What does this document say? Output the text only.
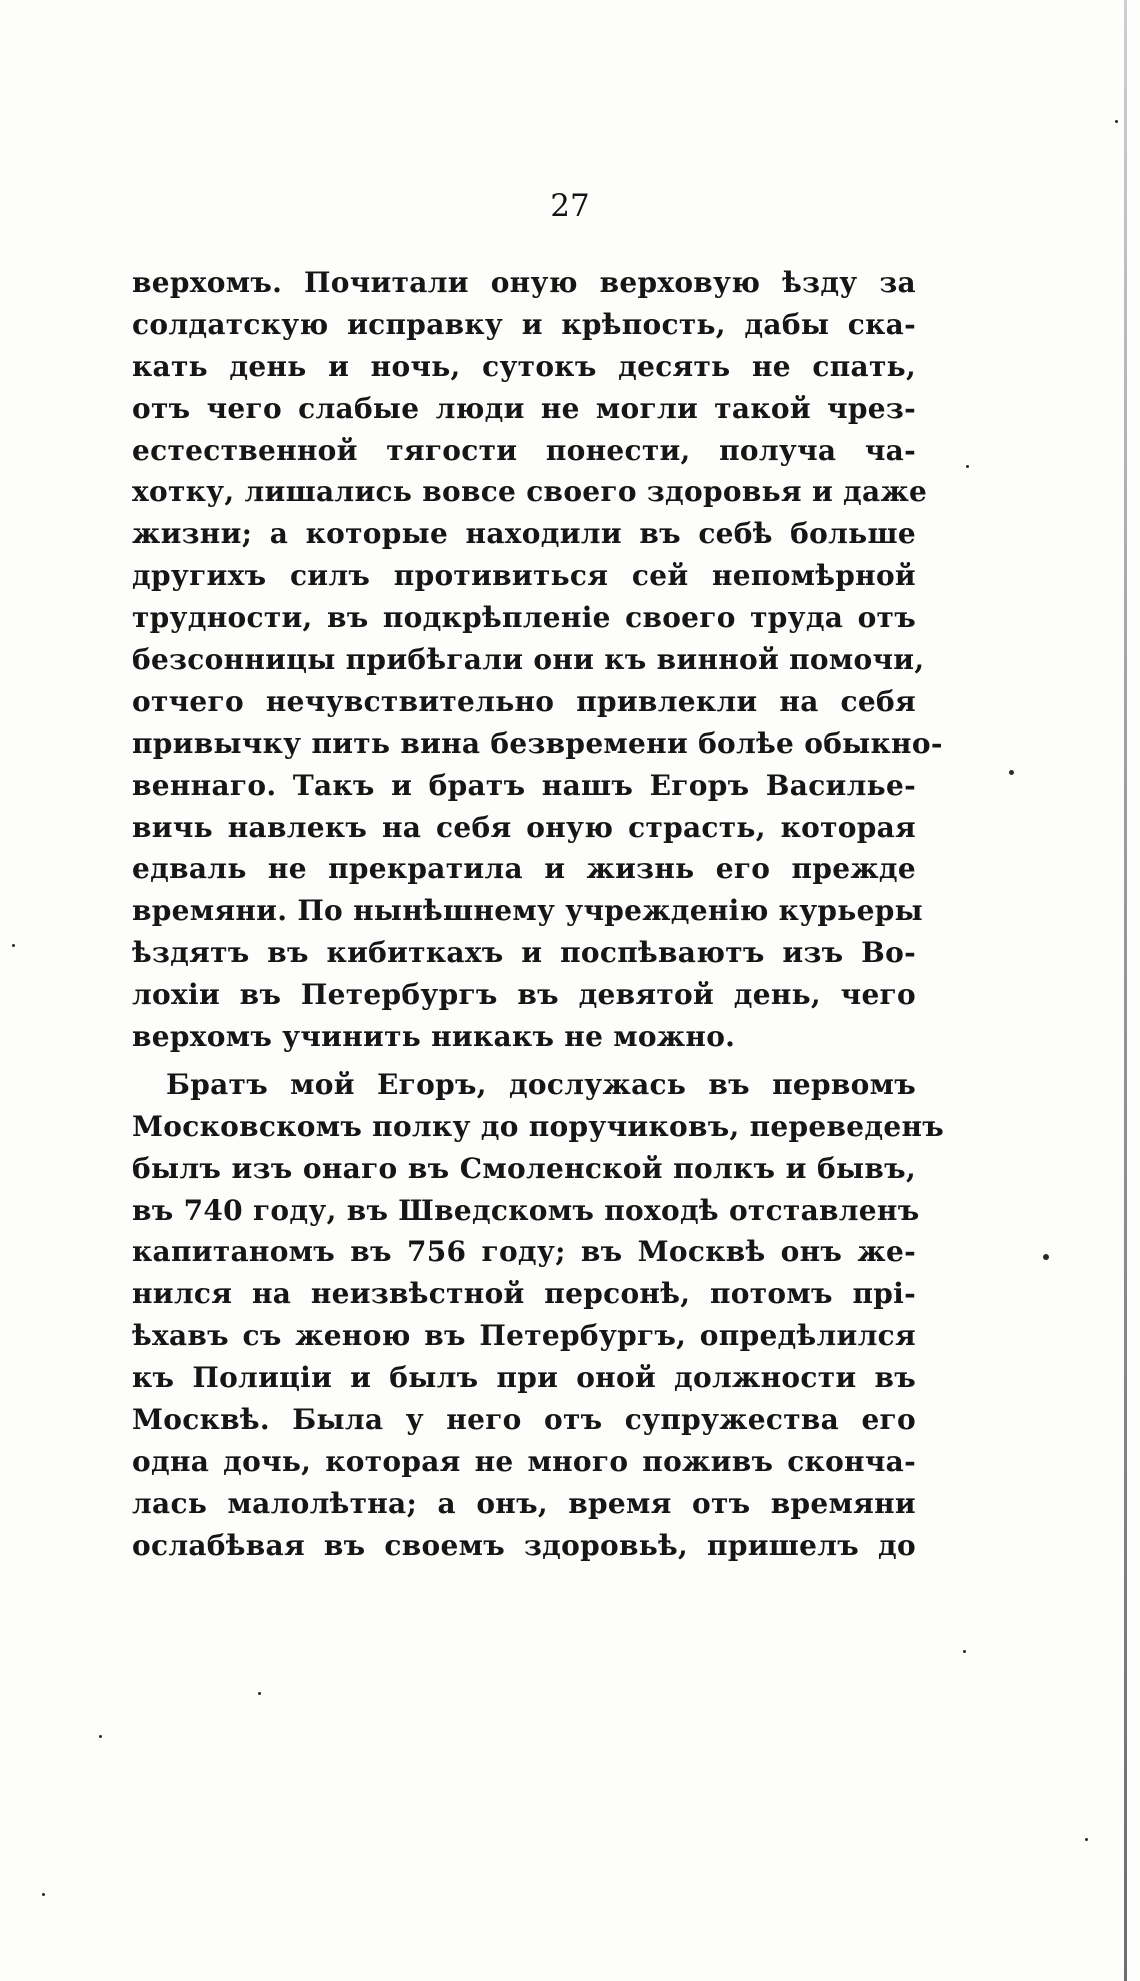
27
верхомъ. Почитали оную верховую ѣзду за
солдатскую исправку и крѣпость, дабы ска-
кать день и ночь, сутокъ десять не спать,
отъ чего слабые люди не могли такой чрез-
естественной тягости понести, получа ча-
хотку, лишались вовсе своего здоровья и даже
жизни; а которые находили въ себѣ больше
другихъ силъ противиться сей непомѣрной
трудности, въ подкрѣпленіе своего труда отъ
безсонницы прибѣгали они къ винной помочи,
отчего нечувствительно привлекли на себя
привычку пить вина безвремени болѣе обыкно-
веннаго. Такъ и братъ нашъ Егоръ Василье-
вичь навлекъ на себя оную страсть, которая
едваль не прекратила и жизнь его прежде
времяни. По нынѣшнему учрежденію курьеры
ѣздятъ въ кибиткахъ и поспѣваютъ изъ Во-
лохіи въ Петербургъ въ девятой день, чего
верхомъ учинить никакъ не можно.
Братъ мой Егоръ, дослужась въ первомъ
Московскомъ полку до поручиковъ, переведенъ
былъ изъ онаго въ Смоленской полкъ и бывъ,
въ 740 году, въ Шведскомъ походѣ отставленъ
капитаномъ въ 756 году; въ Москвѣ онъ же-
нился на неизвѣстной персонѣ, потомъ прі-
ѣхавъ съ женою въ Петербургъ, опредѣлился
къ Полиціи и былъ при оной должности въ
Москвѣ. Была у него отъ супружества его
одна дочь, которая не много поживъ скончa-
лась малолѣтна; а онъ, время отъ времяни
ослабѣвая въ своемъ здоровьѣ, пришелъ до
